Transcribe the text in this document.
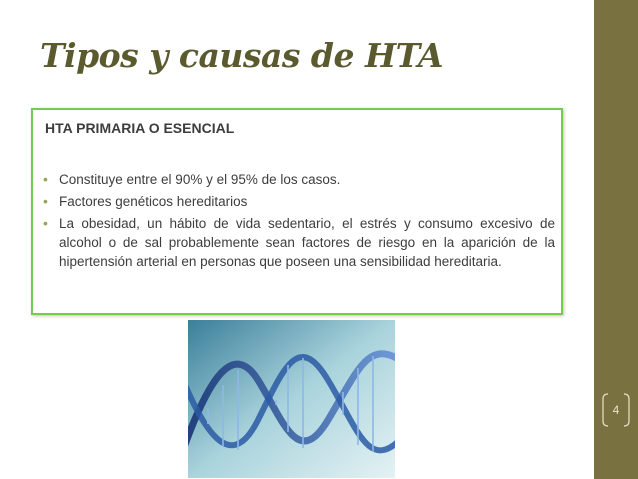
Tipos y causas de HTA
HTA PRIMARIA O ESENCIAL
• Constituye entre el 90% y el 95% de los casos.
• Factores genéticos hereditarios
• La obesidad, un hábito de vida sedentario, el estrés y consumo excesivo de alcohol o de sal probablemente sean factores de riesgo en la aparición de la hipertensión arterial en personas que poseen una sensibilidad hereditaria.
4
